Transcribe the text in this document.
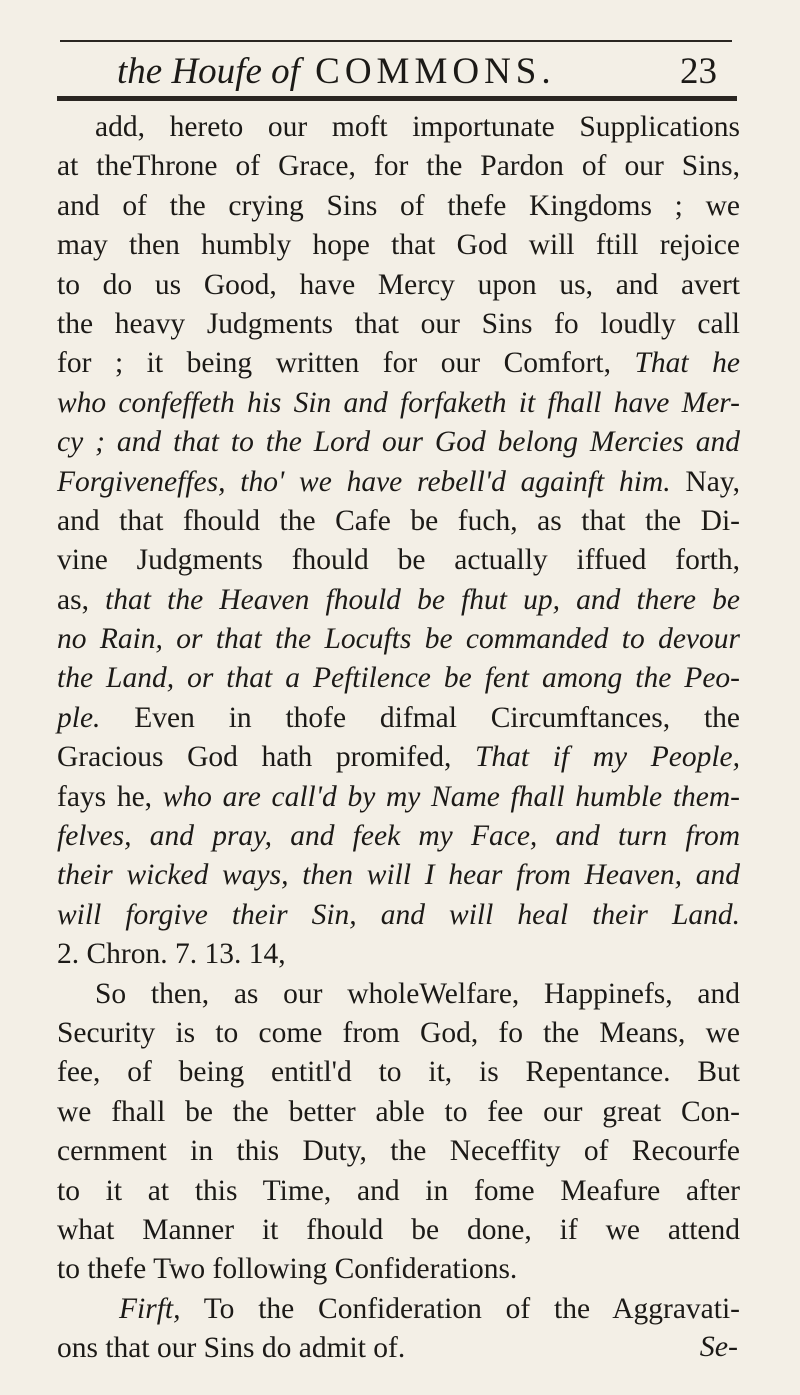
the Houfe of COMMONS.	23
add, hereto our moft importunate Supplications
at theThrone of Grace, for the Pardon of our Sins,
and of the crying Sins of thefe Kingdoms ; we
may then humbly hope that God will ftill rejoice
to do us Good, have Mercy upon us, and avert
the heavy Judgments that our Sins fo loudly call
for ; it being written for our Comfort, That he
who confeffeth his Sin and forfaketh it fhall have Mer-
cy ; and that to the Lord our God belong Mercies and
Forgiveneffes, tho' we have rebell'd againft him. Nay,
and that fhould the Cafe be fuch, as that the Di-
vine Judgments fhould be actually iffued forth,
as, that the Heaven fhould be fhut up, and there be
no Rain, or that the Locufts be commanded to devour
the Land, or that a Peftilence be fent among the Peo-
ple. Even in thofe difmal Circumftances, the
Gracious God hath promifed, That if my People,
fays he, who are call'd by my Name fhall humble them-
felves, and pray, and feek my Face, and turn from
their wicked ways, then will I hear from Heaven, and
will forgive their Sin, and will heal their Land.
2. Chron. 7. 13. 14,
So then, as our wholeWelfare, Happinefs, and
Security is to come from God, fo the Means, we
fee, of being entitl'd to it, is Repentance. But
we fhall be the better able to fee our great Con-
cernment in this Duty, the Neceffity of Recourfe
to it at this Time, and in fome Meafure after
what Manner it fhould be done, if we attend
to thefe Two following Confiderations.
Firft, To the Confideration of the Aggravati-
ons that our Sins do admit of.	Se-
